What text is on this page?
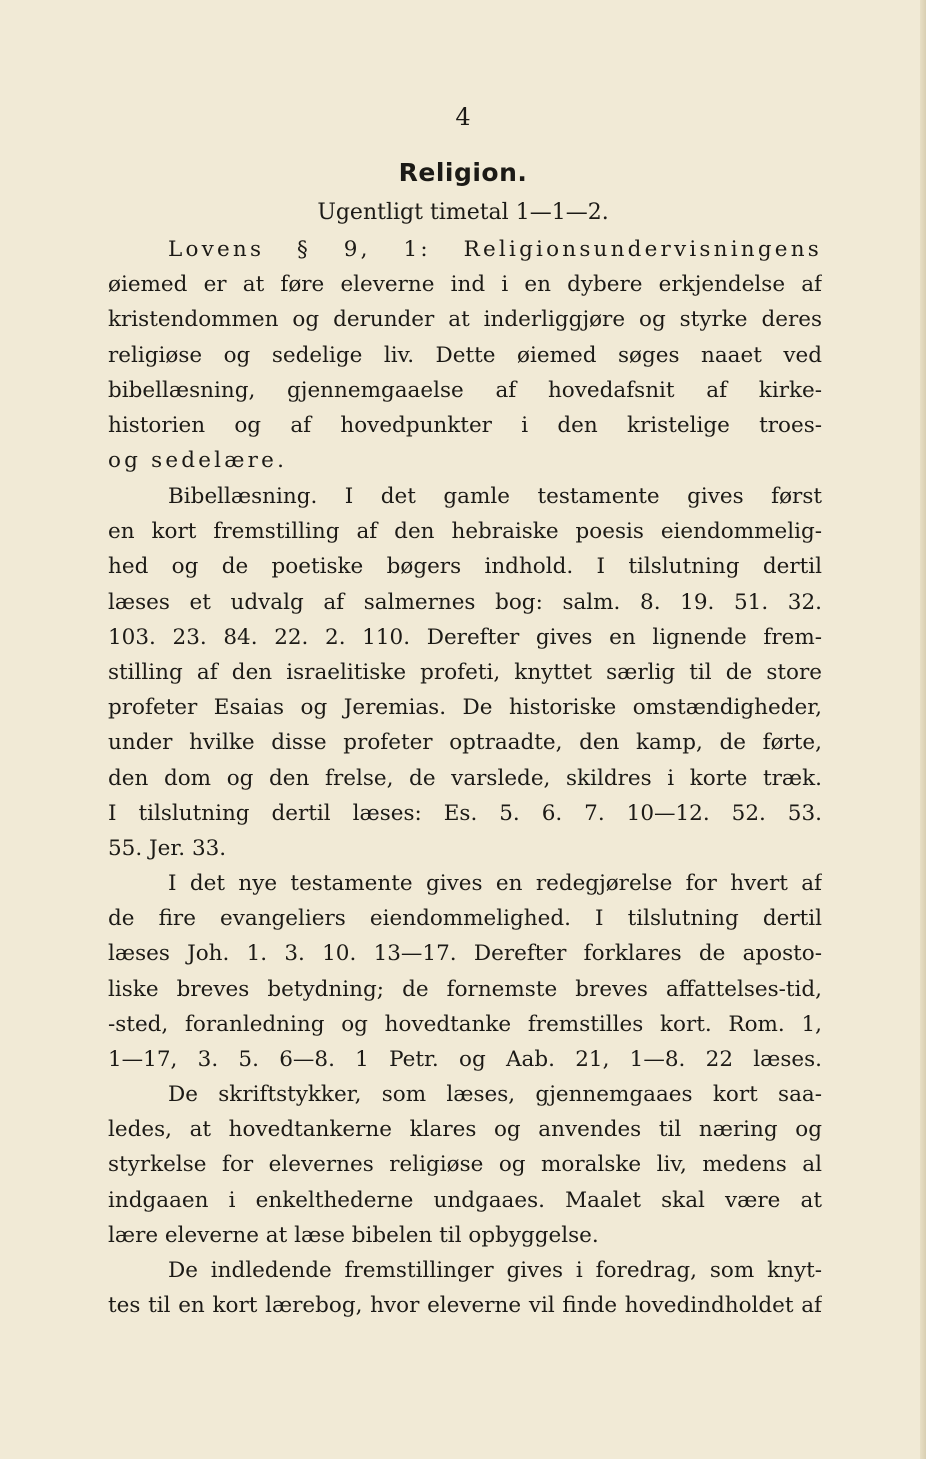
4
Religion.
Ugentligt timetal 1—1—2.
Lovens § 9, 1: Religionsundervisningens
øiemed er at føre eleverne ind i en dybere erkjendelse af
kristendommen og derunder at inderliggjøre og styrke deres
religiøse og sedelige liv. Dette øiemed søges naaet ved
bibellæsning, gjennemgaaelse af hovedafsnit af kirke-
historien og af hovedpunkter i den kristelige troes-
og sedelære.
Bibellæsning. I det gamle testamente gives først
en kort fremstilling af den hebraiske poesis eiendommelig-
hed og de poetiske bøgers indhold. I tilslutning dertil
læses et udvalg af salmernes bog: salm. 8. 19. 51. 32.
103. 23. 84. 22. 2. 110. Derefter gives en lignende frem-
stilling af den israelitiske profeti, knyttet særlig til de store
profeter Esaias og Jeremias. De historiske omstændigheder,
under hvilke disse profeter optraadte, den kamp, de førte,
den dom og den frelse, de varslede, skildres i korte træk.
I tilslutning dertil læses: Es. 5. 6. 7. 10—12. 52. 53.
55. Jer. 33.
I det nye testamente gives en redegjørelse for hvert af
de fire evangeliers eiendommelighed. I tilslutning dertil
læses Joh. 1. 3. 10. 13—17. Derefter forklares de aposto-
liske breves betydning; de fornemste breves affattelses-tid,
-sted, foranledning og hovedtanke fremstilles kort. Rom. 1,
1—17, 3. 5. 6—8. 1 Petr. og Aab. 21, 1—8. 22 læses.
De skriftstykker, som læses, gjennemgaaes kort saa-
ledes, at hovedtankerne klares og anvendes til næring og
styrkelse for elevernes religiøse og moralske liv, medens al
indgaaen i enkelthederne undgaaes. Maalet skal være at
lære eleverne at læse bibelen til opbyggelse.
De indledende fremstillinger gives i foredrag, som knyt-
tes til en kort lærebog, hvor eleverne vil finde hovedindholdet af
